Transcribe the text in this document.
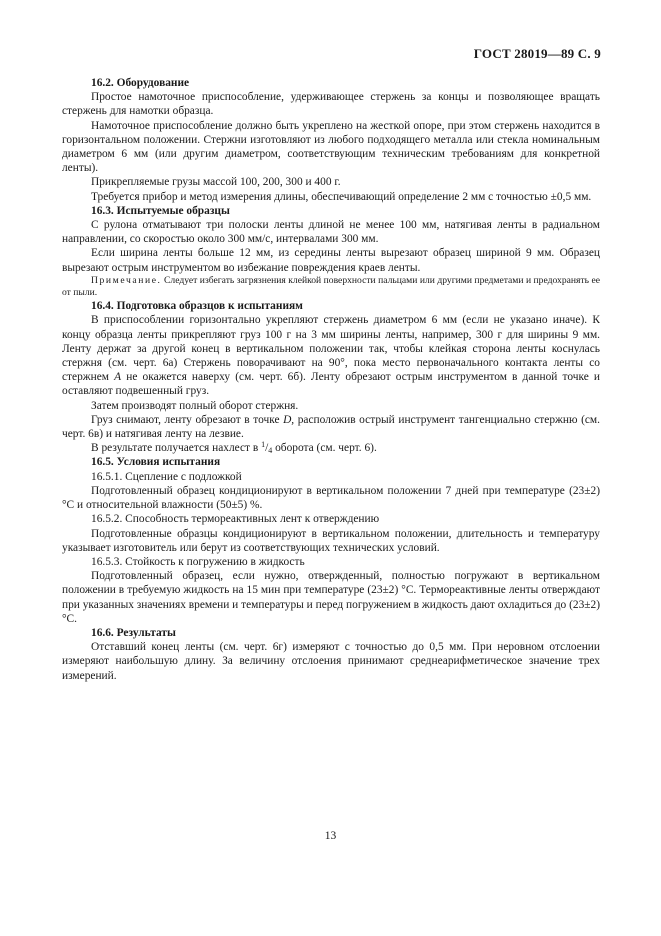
ГОСТ 28019—89 С. 9

16.2. Оборудование

Простое намоточное приспособление, удерживающее стержень за концы и позволяющее вращать стержень для намотки образца.

Намоточное приспособление должно быть укреплено на жесткой опоре, при этом стержень находится в горизонтальном положении. Стержни изготовляют из любого подходящего металла или стекла номинальным диаметром 6 мм (или другим диаметром, соответствующим техническим требованиям для конкретной ленты).

Прикрепляемые грузы массой 100, 200, 300 и 400 г.

Требуется прибор и метод измерения длины, обеспечивающий определение 2 мм с точностью ±0,5 мм.

16.3. Испытуемые образцы

С рулона отматывают три полоски ленты длиной не менее 100 мм, натягивая ленты в радиальном направлении, со скоростью около 300 мм/с, интервалами 300 мм.

Если ширина ленты больше 12 мм, из середины ленты вырезают образец шириной 9 мм. Образец вырезают острым инструментом во избежание повреждения краев ленты.

Примечание. Следует избегать загрязнения клейкой поверхности пальцами или другими предметами и предохранять ее от пыли.

16.4. Подготовка образцов к испытаниям

В приспособлении горизонтально укрепляют стержень диаметром 6 мм (если не указано иначе). К концу образца ленты прикрепляют груз 100 г на 3 мм ширины ленты, например, 300 г для ширины 9 мм. Ленту держат за другой конец в вертикальном положении так, чтобы клейкая сторона ленты коснулась стержня (см. черт. 6а) Стержень поворачивают на 90°, пока место первоначального контакта ленты со стержнем А не окажется наверху (см. черт. 6б). Ленту обрезают острым инструментом в данной точке и оставляют подвешенный груз.

Затем производят полный оборот стержня.

Груз снимают, ленту обрезают в точке D, расположив острый инструмент тангенциально стержню (см. черт. 6в) и натягивая ленту на лезвие.

В результате получается нахлест в $^1/_4$ оборота (см. черт. 6).

16.5. Условия испытания

16.5.1. Сцепление с подложкой

Подготовленный образец кондиционируют в вертикальном положении 7 дней при температуре (23±2) °С и относительной влажности (50±5) %.

16.5.2. Способность термореактивных лент к отверждению

Подготовленные образцы кондиционируют в вертикальном положении, длительность и температуру указывает изготовитель или берут из соответствующих технических условий.

16.5.3. Стойкость к погружению в жидкость

Подготовленный образец, если нужно, отвержденный, полностью погружают в вертикальном положении в требуемую жидкость на 15 мин при температуре (23±2) °С. Термореактивные ленты отверждают при указанных значениях времени и температуры и перед погружением в жидкость дают охладиться до (23±2) °С.

16.6. Результаты

Отставший конец ленты (см. черт. 6г) измеряют с точностью до 0,5 мм. При неровном отслоении измеряют наибольшую длину. За величину отслоения принимают среднеарифметическое значение трех измерений.

13
